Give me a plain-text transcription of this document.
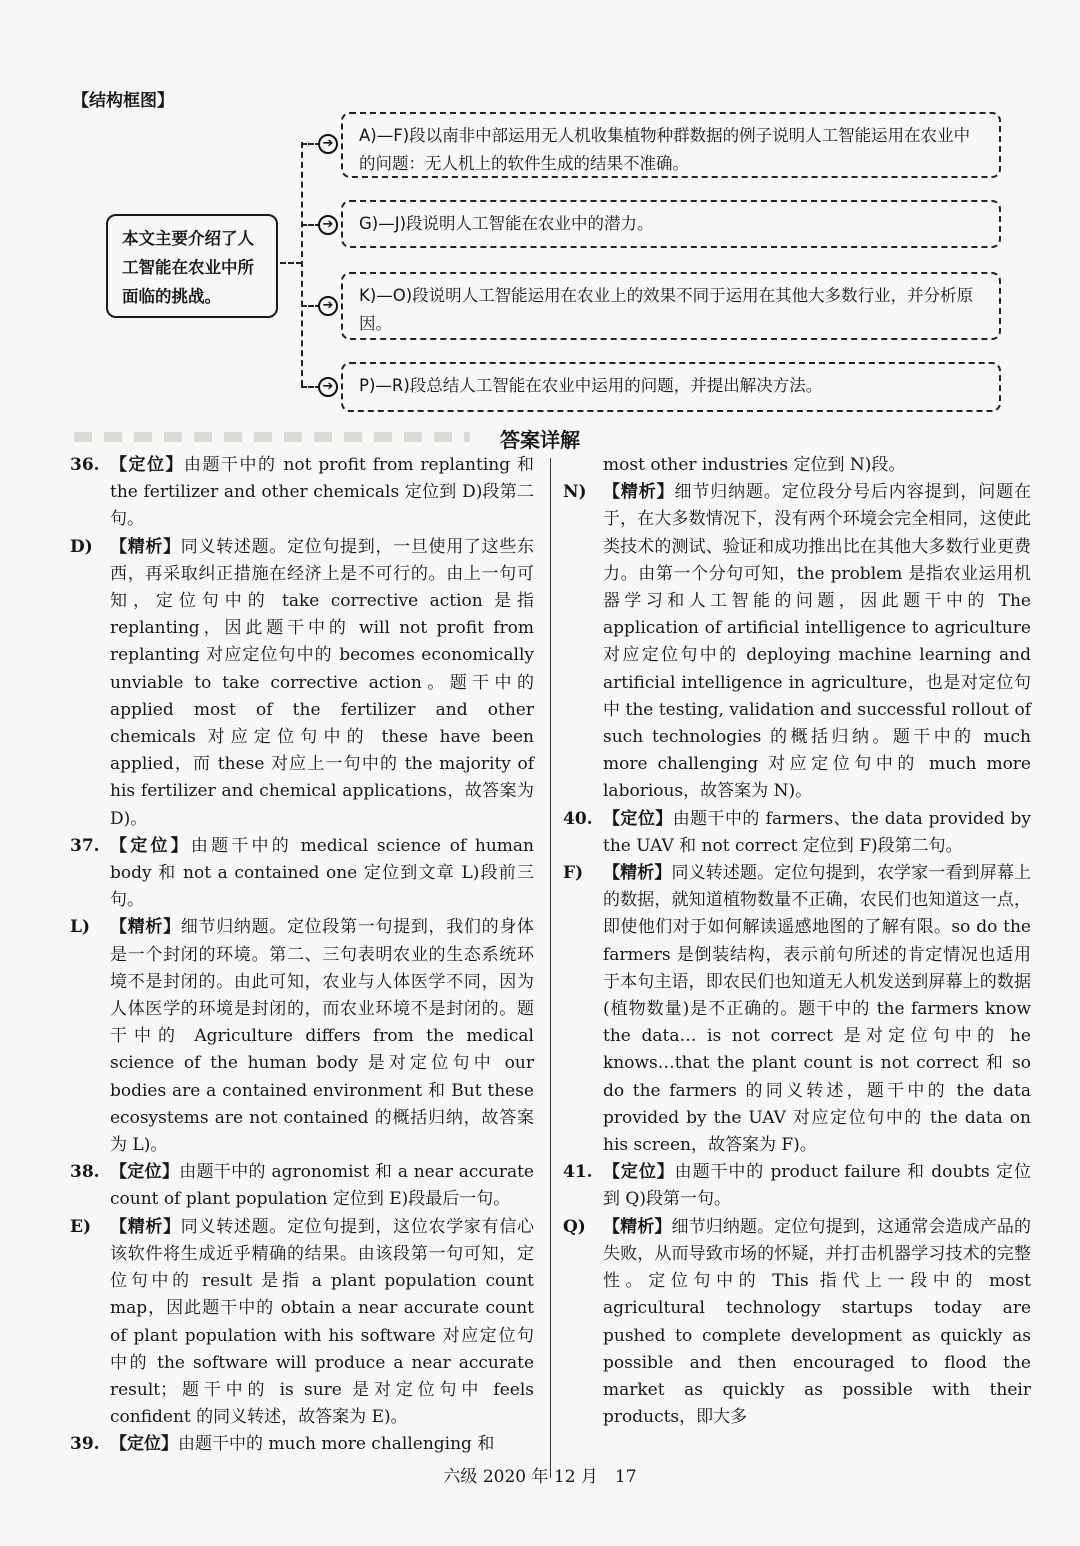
【结构框图】
本文主要介绍了人工智能在农业中所面临的挑战。
➔	A)—F)段以南非中部运用无人机收集植物种群数据的例子说明人工智能运用在农业中的问题：无人机上的软件生成的结果不准确。
➔	G)—J)段说明人工智能在农业中的潜力。
➔
K)—O)段说明人工智能运用在农业上的效果不同于运用在其他大多数行业，并分析原因。
➔	P)—R)段总结人工智能在农业中运用的问题，并提出解决方法。
答案详解
36. 【定位】由题干中的 not profit from replanting 和 the fertilizer and other chemicals 定位到 D)段第二句。
D)	【精析】同义转述题。定位句提到，一旦使用了这些东西，再采取纠正措施在经济上是不可行的。由上一句可知，定位句中的 take corrective action 是指 replanting，因此题干中的 will not profit from replanting 对应定位句中的 becomes economically unviable to take corrective action。题干中的 applied most of the fertilizer and other chemicals 对应定位句中的 these have been applied，而 these 对应上一句中的 the majority of his fertilizer and chemical applications，故答案为 D)。
37. 【定位】由题干中的 medical science of human body 和 not a contained one 定位到文章 L)段前三句。
L)	【精析】细节归纳题。定位段第一句提到，我们的身体是一个封闭的环境。第二、三句表明农业的生态系统环境不是封闭的。由此可知，农业与人体医学不同，因为人体医学的环境是封闭的，而农业环境不是封闭的。题干中的 Agriculture differs from the medical science of the human body 是对定位句中 our bodies are a contained environment 和 But these ecosystems are not contained 的概括归纳，故答案为 L)。
38. 【定位】由题干中的 agronomist 和 a near accurate count of plant population 定位到 E)段最后一句。
E)	【精析】同义转述题。定位句提到，这位农学家有信心该软件将生成近乎精确的结果。由该段第一句可知，定位句中的 result 是指 a plant population count map，因此题干中的 obtain a near accurate count of plant population with his software 对应定位句中的 the software will produce a near accurate result；题干中的 is sure 是对定位句中 feels confident 的同义转述，故答案为 E)。
39. 【定位】由题干中的 much more challenging 和
most other industries 定位到 N)段。
N) 【精析】细节归纳题。定位段分号后内容提到，问题在于，在大多数情况下，没有两个环境会完全相同，这使此类技术的测试、验证和成功推出比在其他大多数行业更费力。由第一个分句可知，the problem 是指农业运用机器学习和人工智能的问题，因此题干中的 The application of artificial intelligence to agriculture 对应定位句中的 deploying machine learning and artificial intelligence in agriculture，也是对定位句中 the testing, validation and successful rollout of such technologies 的概括归纳。题干中的 much more challenging 对应定位句中的 much more laborious，故答案为 N)。
40. 【定位】由题干中的 farmers、the data provided by the UAV 和 not correct 定位到 F)段第二句。
F)	【精析】同义转述题。定位句提到，农学家一看到屏幕上的数据，就知道植物数量不正确，农民们也知道这一点，即使他们对于如何解读遥感地图的了解有限。so do the farmers 是倒装结构，表示前句所述的肯定情况也适用于本句主语，即农民们也知道无人机发送到屏幕上的数据(植物数量)是不正确的。题干中的 the farmers know the data… is not correct 是对定位句中的 he knows…that the plant count is not correct 和 so do the farmers 的同义转述，题干中的 the data provided by the UAV 对应定位句中的 the data on his screen，故答案为 F)。
41. 【定位】由题干中的 product failure 和 doubts 定位到 Q)段第一句。
Q)	【精析】细节归纳题。定位句提到，这通常会造成产品的失败，从而导致市场的怀疑，并打击机器学习技术的完整性。定位句中的 This 指代上一段中的 most agricultural technology startups today are pushed to complete development as quickly as possible and then encouraged to flood the market as quickly as possible with their products，即大多
六级 2020 年 12 月　17
